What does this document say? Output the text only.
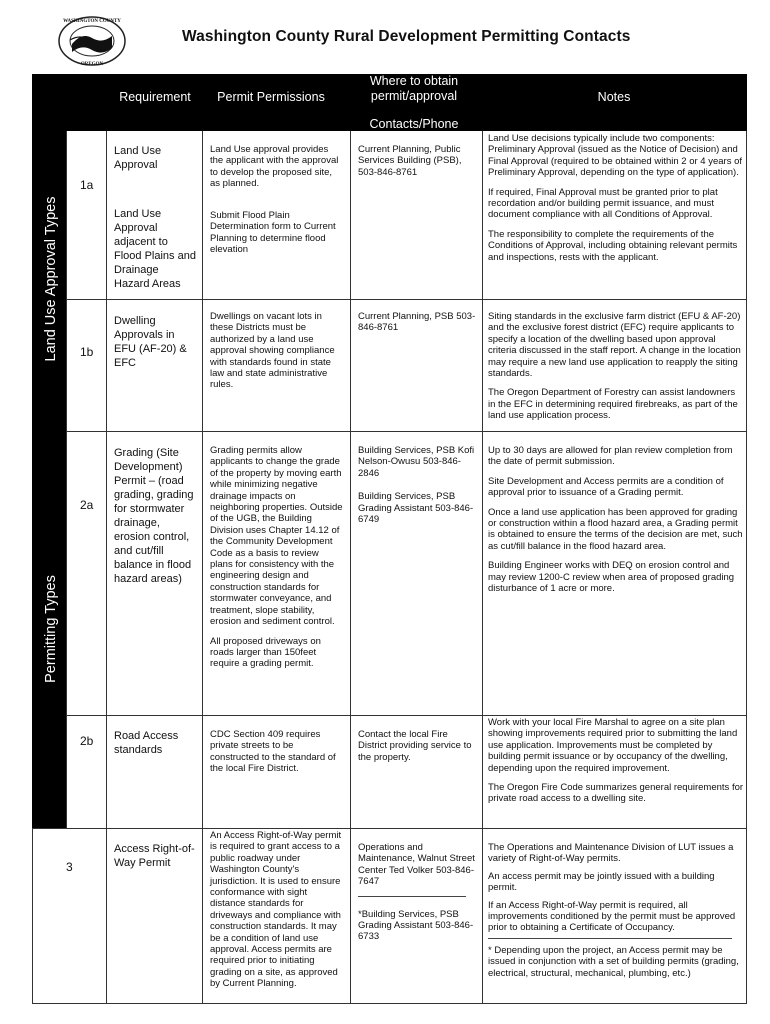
WASHINGTON COUNTY
OREGON
Washington County Rural Development Permitting Contacts
Requirement	Permit Permissions
Where to obtain
permit/approval
Contacts/Phone
Notes
Land Use Approval Types
Permitting Types
1a
Land Use Approval
Land Use Approval adjacent to Flood Plains and Drainage Hazard Areas
Land Use approval provides the applicant with the approval to develop the proposed site, as planned.
Submit Flood Plain Determination form to Current Planning to determine flood elevation
Current Planning, Public Services Building (PSB), 503-846-8761

Land Use decisions typically include two components: Preliminary Approval (issued as the Notice of Decision) and Final Approval (required to be obtained within 2 or 4 years of Preliminary Approval, depending on the type of application).

If required, Final Approval must be granted prior to plat recordation and/or building permit issuance, and must document compliance with all Conditions of Approval.

The responsibility to complete the requirements of the Conditions of Approval, including obtaining relevant permits and inspections, rests with the applicant.

1b
Dwelling Approvals in EFU (AF-20) & EFC
Dwellings on vacant lots in these Districts must be authorized by a land use approval showing compliance with standards found in state law and state administrative rules.
Current Planning, PSB 503-846-8761

Siting standards in the exclusive farm district (EFU & AF-20) and the exclusive forest district (EFC) require applicants to specify a location of the dwelling based upon approval criteria discussed in the staff report. A change in the location may require a new land use application to reapply the siting standards.

The Oregon Department of Forestry can assist landowners in the EFC in determining required firebreaks, as part of the land use application process.

2a
Grading (Site Development) Permit – (road grading, grading for stormwater drainage, erosion control, and cut/fill balance in flood hazard areas)

Grading permits allow applicants to change the grade of the property by moving earth while minimizing negative drainage impacts on neighboring properties. Outside of the UGB, the Building Division uses Chapter 14.12 of the Community Development Code as a basis to review plans for consistency with the engineering design and construction standards for stormwater conveyance, and treatment, slope stability, erosion and sediment control.

All proposed driveways on roads larger than 150feet require a grading permit.

Building Services, PSB Kofi Nelson-Owusu 503-846-2846

Building Services, PSB Grading Assistant 503-846-6749

Up to 30 days are allowed for plan review completion from the date of permit submission.

Site Development and Access permits are a condition of approval prior to issuance of a Grading permit.

Once a land use application has been approved for grading or construction within a flood hazard area, a Grading permit is obtained to ensure the terms of the decision are met, such as cut/fill balance in the flood hazard area.

Building Engineer works with DEQ on erosion control and may review 1200-C review when area of proposed grading disturbance of 1 acre or more.

2b Road Access standards
CDC Section 409 requires private streets to be constructed to the standard of the local Fire District.
Contact the local Fire District providing service to the property.

Work with your local Fire Marshal to agree on a site plan showing improvements required prior to submitting the land use application. Improvements must be completed by building permit issuance or by occupancy of the dwelling, depending upon the required improvement.

The Oregon Fire Code summarizes general requirements for private road access to a dwelling site.

3
Access Right-of-Way Permit
An Access Right-of-Way permit is required to grant access to a public roadway under Washington County's jurisdiction. It is used to ensure conformance with sight distance standards for driveways and compliance with construction standards. It may be a condition of land use approval. Access permits are required prior to initiating grading on a site, as approved by Current Planning.

Operations and Maintenance, Walnut Street Center Ted Volker 503-846-7647

*Building Services, PSB Grading Assistant 503-846-6733

The Operations and Maintenance Division of LUT issues a variety of Right-of-Way permits.

An access permit may be jointly issued with a building permit.

If an Access Right-of-Way permit is required, all improvements conditioned by the permit must be approved prior to obtaining a Certificate of Occupancy.

* Depending upon the project, an Access permit may be issued in conjunction with a set of building permits (grading, electrical, structural, mechanical, plumbing, etc.)
